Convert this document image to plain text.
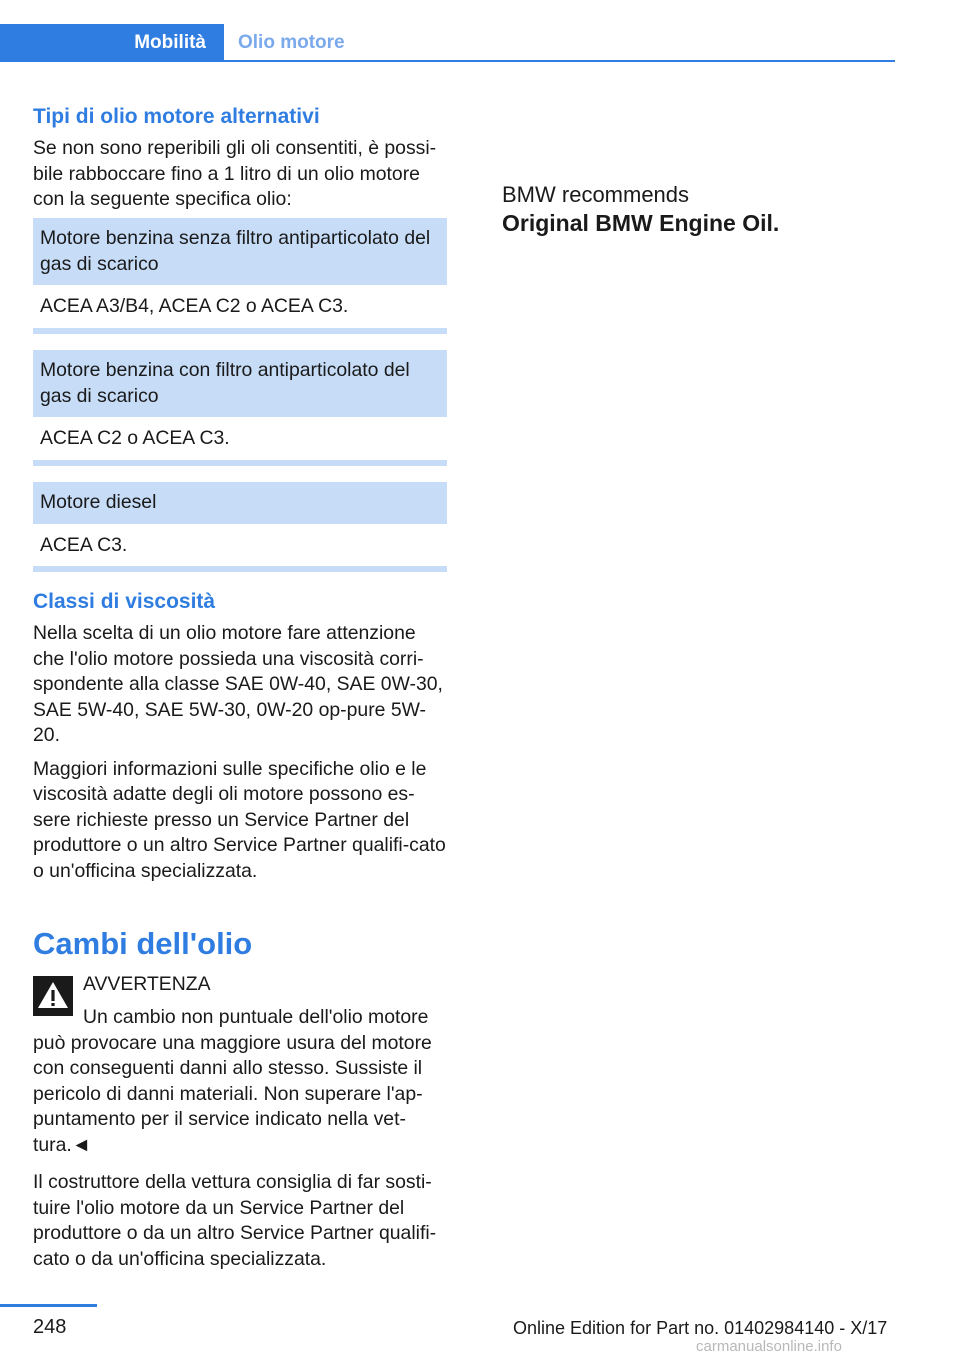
Mobilità Olio motore
Tipi di olio motore alternativi

Se non sono reperibili gli oli consentiti, è possi-bile rabboccare fino a 1 litro di un olio motore con la seguente specifica olio:

Motore benzina senza filtro antiparticolato del gas di scarico
ACEA A3/B4, ACEA C2 o ACEA C3.
Motore benzina con filtro antiparticolato del gas di scarico
ACEA C2 o ACEA C3.
Motore diesel
ACEA C3.
Classi di viscosità

Nella scelta di un olio motore fare attenzione che l'olio motore possieda una viscosità corri-spondente alla classe SAE 0W-40, SAE 0W-30, SAE 5W-40, SAE 5W-30, 0W-20 op-pure 5W-20.

Maggiori informazioni sulle specifiche olio e le viscosità adatte degli oli motore possono es-sere richieste presso un Service Partner del produttore o un altro Service Partner qualifi-cato o un'officina specializzata.

Cambi dell'olio

AVVERTENZA

Un cambio non puntuale dell'olio motore può provocare una maggiore usura del motore con conseguenti danni allo stesso. Sussiste il pericolo di danni materiali. Non superare l'ap-puntamento per il service indicato nella vet-tura.◄

Il costruttore della vettura consiglia di far sosti-tuire l'olio motore da un Service Partner del produttore o da un altro Service Partner qualifi-cato o da un'officina specializzata.

BMW recommends
Original BMW Engine Oil.
248	Online Edition for Part no. 01402984140 - X/17
carmanualsonline.info
